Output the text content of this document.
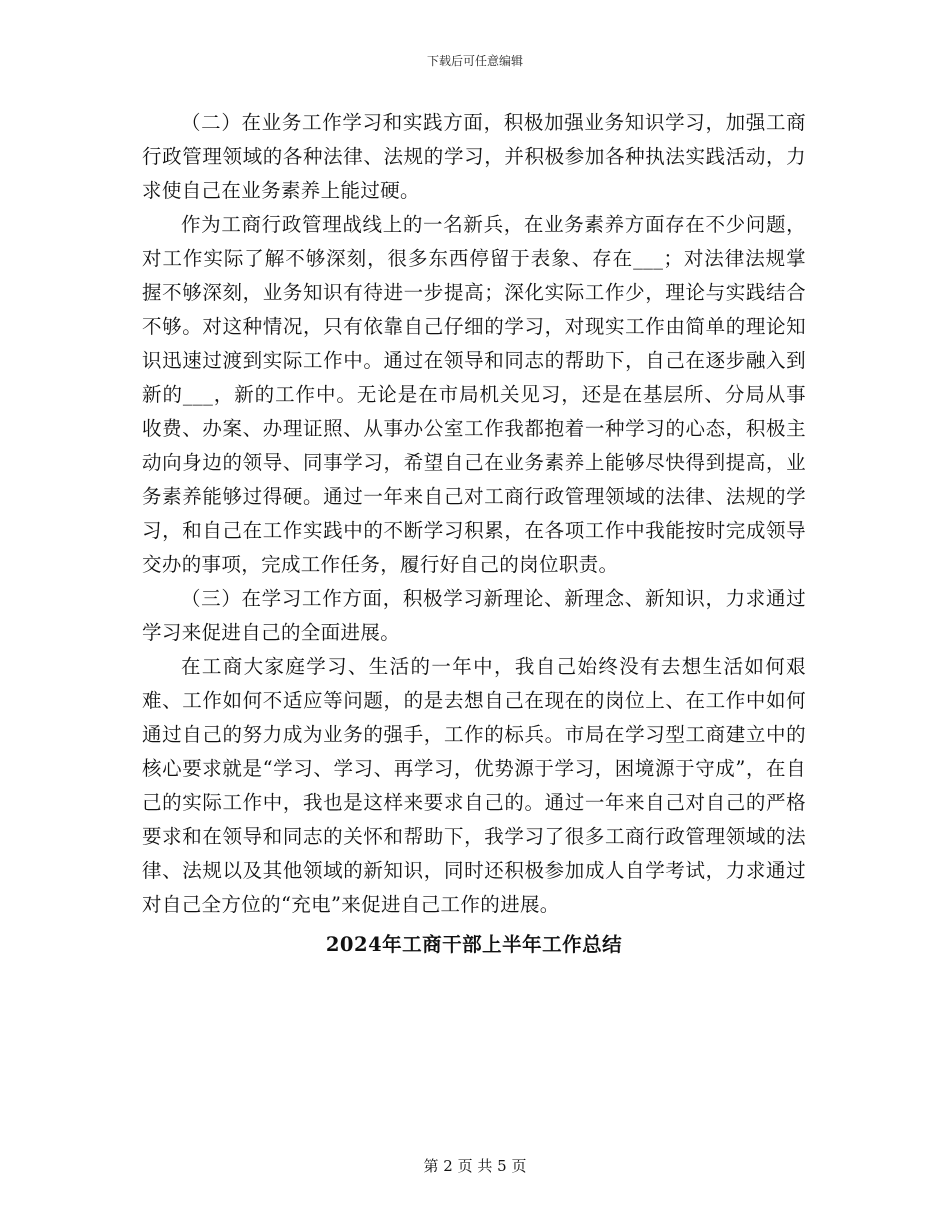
下载后可任意编辑

（二）在业务工作学习和实践方面，积极加强业务知识学习，加强工商行政管理领域的各种法律、法规的学习，并积极参加各种执法实践活动，力求使自己在业务素养上能过硬。

作为工商行政管理战线上的一名新兵，在业务素养方面存在不少问题，对工作实际了解不够深刻，很多东西停留于表象、存在___；对法律法规掌握不够深刻，业务知识有待进一步提高；深化实际工作少，理论与实践结合不够。对这种情况，只有依靠自己仔细的学习，对现实工作由简单的理论知识迅速过渡到实际工作中。通过在领导和同志的帮助下，自己在逐步融入到新的___，新的工作中。无论是在市局机关见习，还是在基层所、分局从事收费、办案、办理证照、从事办公室工作我都抱着一种学习的心态，积极主动向身边的领导、同事学习，希望自己在业务素养上能够尽快得到提高，业务素养能够过得硬。通过一年来自己对工商行政管理领域的法律、法规的学习，和自己在工作实践中的不断学习积累，在各项工作中我能按时完成领导交办的事项，完成工作任务，履行好自己的岗位职责。

（三）在学习工作方面，积极学习新理论、新理念、新知识，力求通过学习来促进自己的全面进展。

在工商大家庭学习、生活的一年中，我自己始终没有去想生活如何艰难、工作如何不适应等问题，的是去想自己在现在的岗位上、在工作中如何通过自己的努力成为业务的强手，工作的标兵。市局在学习型工商建立中的核心要求就是“学习、学习、再学习，优势源于学习，困境源于守成”，在自己的实际工作中，我也是这样来要求自己的。通过一年来自己对自己的严格要求和在领导和同志的关怀和帮助下，我学习了很多工商行政管理领域的法律、法规以及其他领域的新知识，同时还积极参加成人自学考试，力求通过对自己全方位的“充电”来促进自己工作的进展。

2024年工商干部上半年工作总结

第 2 页 共 5 页
